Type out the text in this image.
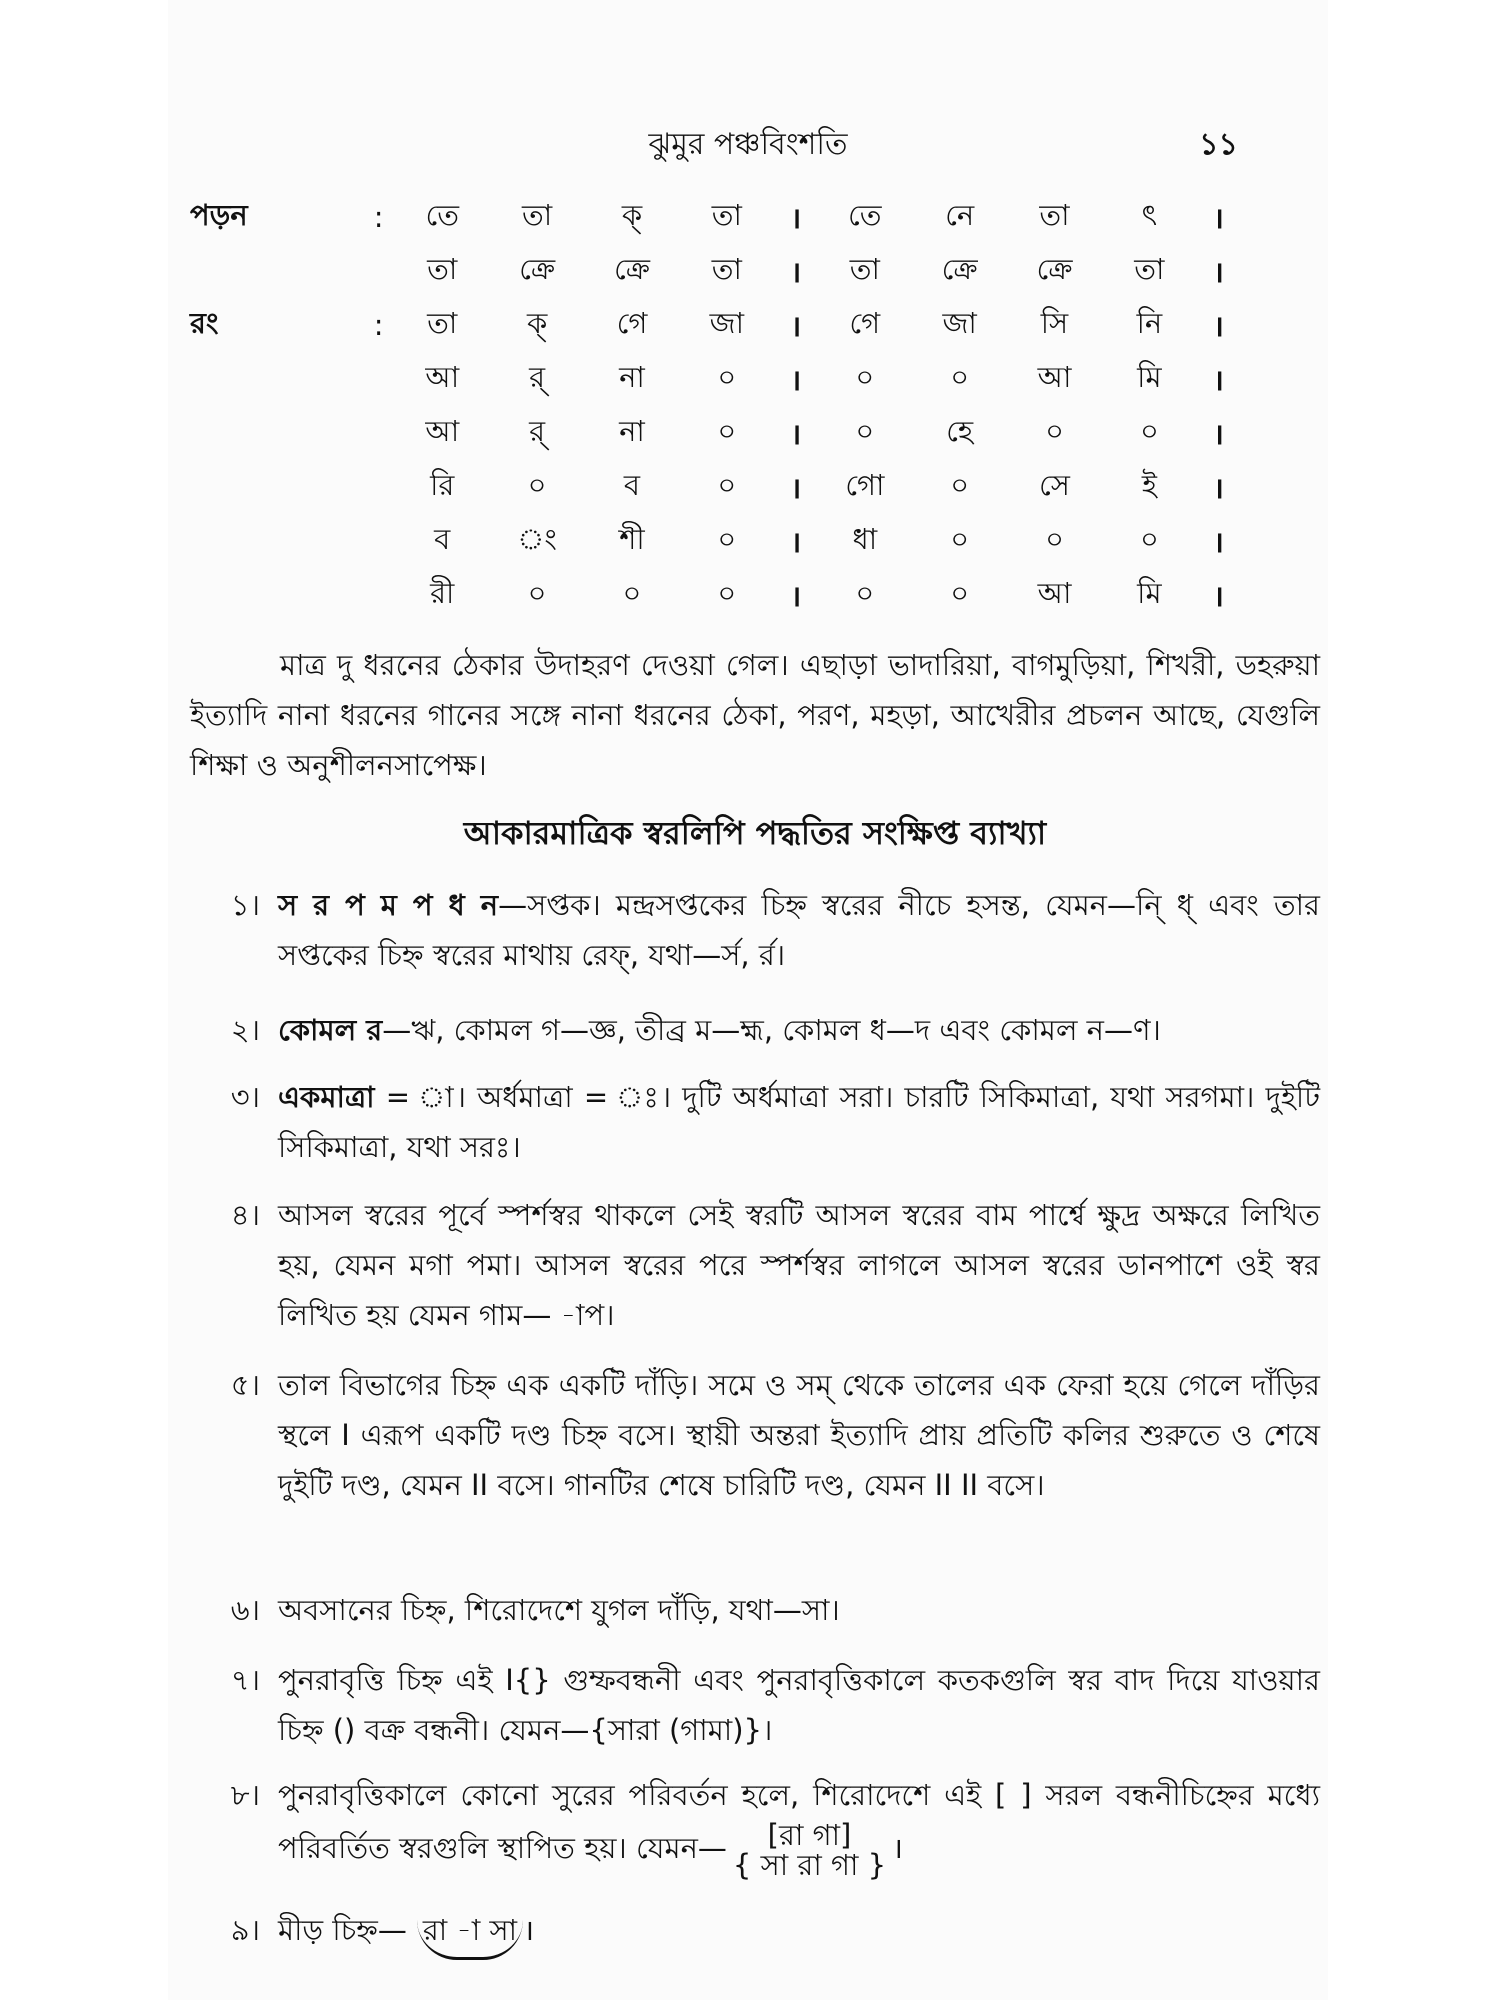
ঝুমুর পঞ্চবিংশতি	১১
পড়ন	:	তে	তা	ক্	তা	।	তে	নে	তা	ৎ	।
		তা	ক্রে	ক্রে	তা	।	তা	ক্রে	ক্রে	তা	।
রং	:	তা	ক্	গে	জা	।	গে	জা	সি	নি	।
		আ	র্	না	০	।	০	০	আ	মি	।
		আ	র্	না	০	।	০	হে	০	০	।
		রি	০	ব	০	।	গো	০	সে	ই	।
		ব	ং	শী	০	।	ধা	০	০	০	।
		রী	০	০	০	।	০	০	আ	মি	।
মাত্র দু ধরনের ঠেকার উদাহরণ দেওয়া গেল। এছাড়া ভাদারিয়া, বাগমুড়িয়া, শিখরী, ডহরুয়া ইত্যাদি নানা ধরনের গানের সঙ্গে নানা ধরনের ঠেকা, পরণ, মহড়া, আখেরীর প্রচলন আছে, যেগুলি শিক্ষা ও অনুশীলনসাপেক্ষ।
আকারমাত্রিক স্বরলিপি পদ্ধতির সংক্ষিপ্ত ব্যাখ্যা
১। স র প ম প ধ ন—সপ্তক। মন্দ্রসপ্তকের চিহ্ন স্বরের নীচে হসন্ত, যেমন—নি্ ধ্ এবং তার সপ্তকের চিহ্ন স্বরের মাথায় রেফ্, যথা—র্স, র্র।
২। কোমল র—ঋ, কোমল গ—জ্ঞ, তীব্র ম—হ্ম, কোমল ধ—দ এবং কোমল ন—ণ।
৩। একমাত্রা = া। অর্ধমাত্রা = ঃ। দুটি অর্ধমাত্রা সরা। চারটি সিকিমাত্রা, যথা সরগমা। দুইটি সিকিমাত্রা, যথা সরঃ।
৪। আসল স্বরের পূর্বে স্পর্শস্বর থাকলে সেই স্বরটি আসল স্বরের বাম পার্শ্বে ক্ষুদ্র অক্ষরে লিখিত হয়, যেমন মগা পমা। আসল স্বরের পরে স্পর্শস্বর লাগলে আসল স্বরের ডানপাশে ওই স্বর লিখিত হয় যেমন গাম— -াপ।
৫। তাল বিভাগের চিহ্ন এক একটি দাঁড়ি। সমে ও সম্ থেকে তালের এক ফেরা হয়ে গেলে দাঁড়ির স্থলে I এরূপ একটি দণ্ড চিহ্ন বসে। স্থায়ী অন্তরা ইত্যাদি প্রায় প্রতিটি কলির শুরুতে ও শেষে দুইটি দণ্ড, যেমন II বসে। গানটির শেষে চারিটি দণ্ড, যেমন II II বসে।
৬। অবসানের চিহ্ন, শিরোদেশে যুগল দাঁড়ি, যথা—সা।
৭। পুনরাবৃত্তি চিহ্ন এই I{} গুম্ফবন্ধনী এবং পুনরাবৃত্তিকালে কতকগুলি স্বর বাদ দিয়ে যাওয়ার চিহ্ন () বক্র বন্ধনী। যেমন—{সারা (গামা)}।
৮। পুনরাবৃত্তিকালে কোনো সুরের পরিবর্তন হলে, শিরোদেশে এই [ ] সরল বন্ধনীচিহ্নের মধ্যে পরিবর্তিত স্বরগুলি স্থাপিত হয়। যেমন—	[রা গা]
{ সা রা গা } ।
৯। মীড় চিহ্ন— রা -া সা ।
